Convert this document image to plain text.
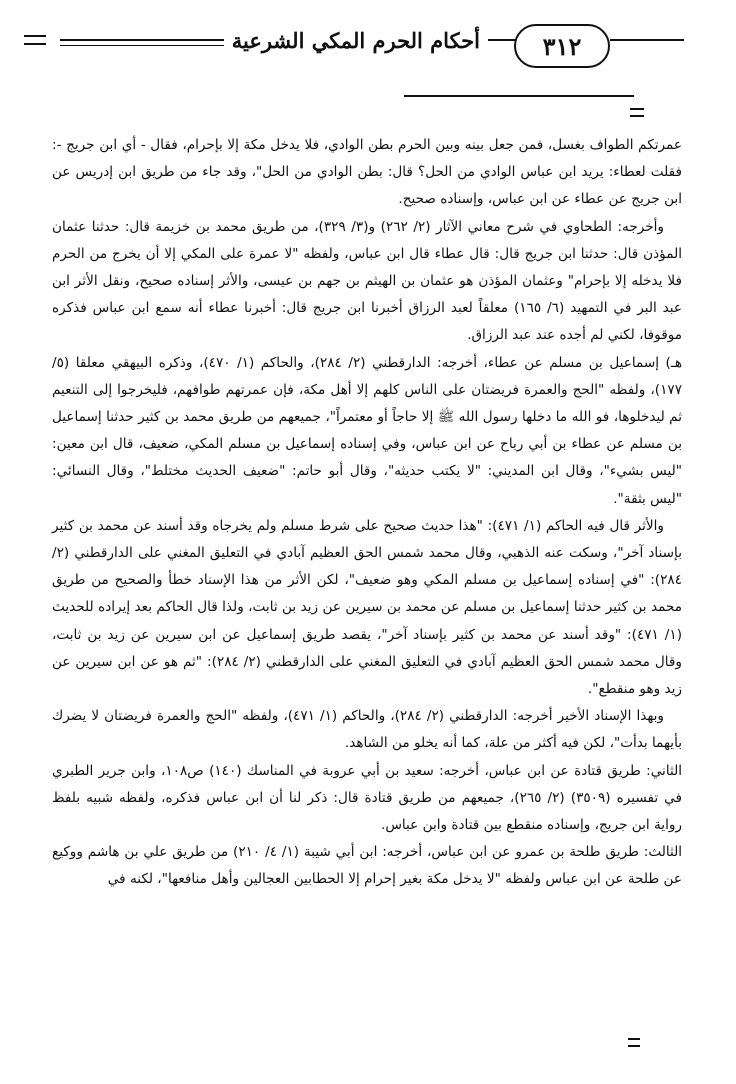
٣١٢
أحكام الحرم المكي الشرعية

عمرتكم الطواف بغسل، فمن جعل بينه وبين الحرم بطن الوادي، فلا يدخل مكة إلا بإحرام، فقال - أي ابن جريج -: فقلت لعطاء: يريد ابن عباس الوادي من الحل؟ قال: بطن الوادي من الحل"، وقد جاء من طريق ابن إدريس عن ابن جريج عن عطاء عن ابن عباس، وإسناده صحيح.

وأخرجه: الطحاوي في شرح معاني الآثار (٢/ ٢٦٢) و(٣/ ٣٢٩)، من طريق محمد بن خزيمة قال: حدثنا عثمان المؤذن قال: حدثنا ابن جريج قال: قال عطاء قال ابن عباس، ولفظه "لا عمرة على المكي إلا أن يخرج من الحرم فلا يدخله إلا بإحرام" وعثمان المؤذن هو عثمان بن الهيثم بن جهم بن عيسى، والأثر إسناده صحيح، ونقل الأثر ابن عبد البر في التمهيد (٦/ ١٦٥) معلقاً لعبد الرزاق أخبرنا ابن جريج قال: أخبرنا عطاء أنه سمع ابن عباس فذكره موقوفا، لكني لم أجده عند عبد الرزاق.

هـ) إسماعيل بن مسلم عن عطاء، أخرجه: الدارقطني (٢/ ٢٨٤)، والحاكم (١/ ٤٧٠)، وذكره البيهقي معلقا (٥/ ١٧٧)، ولفظه "الحج والعمرة فريضتان على الناس كلهم إلا أهل مكة، فإن عمرتهم طوافهم، فليخرجوا إلى التنعيم ثم ليدخلوها، فو الله ما دخلها رسول الله ﷺ إلا حاجاً أو معتمراً"، جميعهم من طريق محمد بن كثير حدثنا إسماعيل بن مسلم عن عطاء بن أبي رباح عن ابن عباس، وفي إسناده إسماعيل بن مسلم المكي، ضعيف، قال ابن معين: "ليس بشيء"، وقال ابن المديني: "لا يكتب حديثه"، وقال أبو حاتم: "ضعيف الحديث مختلط"، وقال النسائي: "ليس بثقة".

والأثر قال فيه الحاكم (١/ ٤٧١): "هذا حديث صحيح على شرط مسلم ولم يخرجاه وقد أسند عن محمد بن كثير بإسناد آخر"، وسكت عنه الذهبي، وقال محمد شمس الحق العظيم آبادي في التعليق المغني على الدارقطني (٢/ ٢٨٤): "في إسناده إسماعيل بن مسلم المكي وهو ضعيف"، لكن الأثر من هذا الإسناد خطأ والصحيح من طريق محمد بن كثير حدثنا إسماعيل بن مسلم عن محمد بن سيرين عن زيد بن ثابت، ولذا قال الحاكم بعد إيراده للحديث (١/ ٤٧١): "وقد أسند عن محمد بن كثير بإسناد آخر"، يقصد طريق إسماعيل عن ابن سيرين عن زيد بن ثابت، وقال محمد شمس الحق العظيم آبادي في التعليق المغني على الدارقطني (٢/ ٢٨٤): "ثم هو عن ابن سيرين عن زيد وهو منقطع".

وبهذا الإسناد الأخير أخرجه: الدارقطني (٢/ ٢٨٤)، والحاكم (١/ ٤٧١)، ولفظه "الحج والعمرة فريضتان لا يضرك بأيهما بدأت"، لكن فيه أكثر من علة، كما أنه يخلو من الشاهد.

الثاني: طريق قتادة عن ابن عباس، أخرجه: سعيد بن أبي عروبة في المناسك (١٤٠) ص١٠٨، وابن جرير الطبري في تفسيره (٣٥٠٩) (٢/ ٢٦٥)، جميعهم من طريق قتادة قال: ذكر لنا أن ابن عباس فذكره، ولفظه شبيه بلفظ رواية ابن جريج، وإسناده منقطع بين قتادة وابن عباس.

الثالث: طريق طلحة بن عمرو عن ابن عباس، أخرجه: ابن أبي شيبة (١/ ٤/ ٢١٠) من طريق علي بن هاشم ووكيع عن طلحة عن ابن عباس ولفظه "لا يدخل مكة بغير إحرام إلا الحطابين العجالين وأهل منافعها"، لكنه في
